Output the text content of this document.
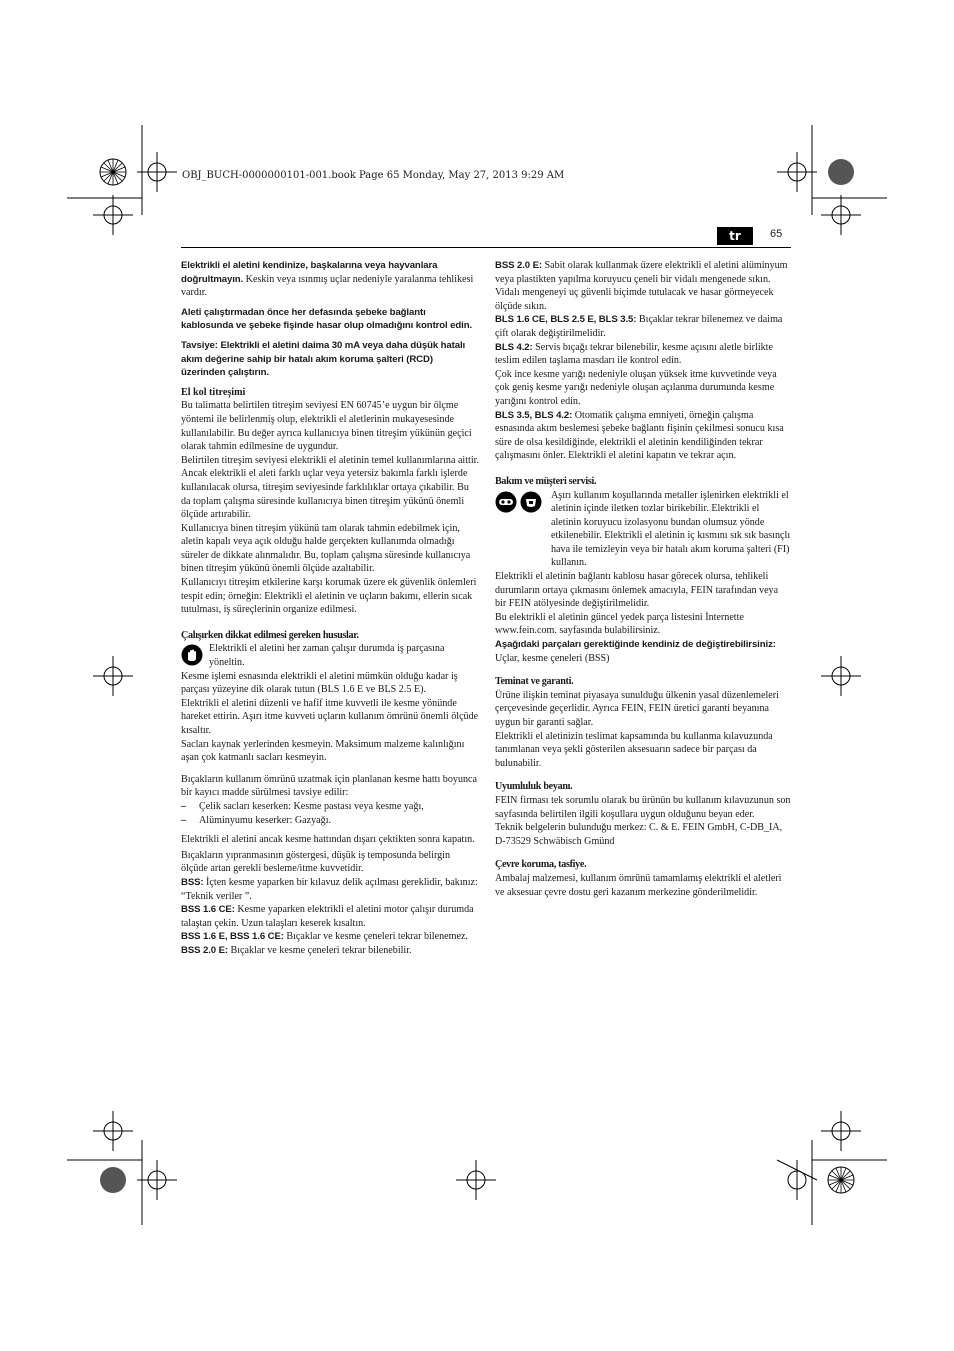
OBJ_BUCH-0000000101-001.book Page 65 Monday, May 27, 2013 9:29 AM
tr	65

Elektrikli el aletini kendinize, başkalarına veya hayvanlara doğrultmayın. Keskin veya ısınmış uçlar nedeniyle yaralanma tehlikesi vardır.

Aleti çalıştırmadan önce her defasında şebeke bağlantı kablosunda ve şebeke fişinde hasar olup olmadığını kontrol edin.

Tavsiye: Elektrikli el aletini daima 30 mA veya daha düşük hatalı akım değerine sahip bir hatalı akım koruma şalteri (RCD) üzerinden çalıştırın.

El kol titreşimi

Bu talimatta belirtilen titreşim seviyesi EN 60745’e uygun bir ölçme yöntemi ile belirlenmiş olup, elektrikli el aletlerinin mukayesesinde kullanılabilir. Bu değer ayrıca kullanıcıya binen titreşim yükünün geçici olarak tahmin edilmesine de uygundur.

Belirtilen titreşim seviyesi elektrikli el aletinin temel kullanımlarına aittir. Ancak elektrikli el aleti farklı uçlar veya yetersiz bakımla farklı işlerde kullanılacak olursa, titreşim seviyesinde farklılıklar ortaya çıkabilir. Bu da toplam çalışma süresinde kullanıcıya binen titreşim yükünü önemli ölçüde artırabilir.

Kullanıcıya binen titreşim yükünü tam olarak tahmin edebilmek için, aletin kapalı veya açık olduğu halde gerçekten kullanımda olmadığı süreler de dikkate alınmalıdır. Bu, toplam çalışma süresinde kullanıcıya binen titreşim yükünü önemli ölçüde azaltabilir.

Kullanıcıyı titreşim etkilerine karşı korumak üzere ek güvenlik önlemleri tespit edin; örneğin: Elektrikli el aletinin ve uçların bakımı, ellerin sıcak tutulması, iş süreçlerinin organize edilmesi.

Çalışırken dikkat edilmesi gereken hususlar.

Elektrikli el aletini her zaman çalışır durumda iş parçasına yöneltin.

Kesme işlemi esnasında elektrikli el aletini mümkün olduğu kadar iş parçası yüzeyine dik olarak tutun (BLS 1.6 E ve BLS 2.5 E).

Elektrikli el aletini düzenli ve hafif itme kuvvetli ile kesme yönünde hareket ettirin. Aşırı itme kuvveti uçların kullanım ömrünü önemli ölçüde kısaltır.

Sacları kaynak yerlerinden kesmeyin. Maksimum malzeme kalınlığını aşan çok katmanlı sacları kesmeyin.

Bıçakların kullanım ömrünü uzatmak için planlanan kesme hattı boyunca bir kayıcı madde sürülmesi tavsiye edilir:

–	Çelik sacları keserken: Kesme pastası veya kesme yağı,

–	Alüminyumu keserker: Gazyağı.

Elektrikli el aletini ancak kesme hattından dışarı çektikten sonra kapatın.

Bıçakların yıpranmasının göstergesi, düşük iş temposunda belirgin ölçüde artan gerekli besleme/itme kuvvetidir.

BSS: İçten kesme yaparken bir kılavuz delik açılması gereklidir, bakınız: “Teknik veriler ”.

BSS 1.6 CE: Kesme yaparken elektrikli el aletini motor çalışır durumda talaştan çekin. Uzun talaşları keserek kısaltın.

BSS 1.6 E, BSS 1.6 CE: Bıçaklar ve kesme çeneleri tekrar bilenemez.

BSS 2.0 E: Bıçaklar ve kesme çeneleri tekrar bilenebilir.

BSS 2.0 E: Sabit olarak kullanmak üzere elektrikli el aletini alüminyum veya plastikten yapılma koruyucu çeneli bir vidalı mengenede sıkın. Vidalı mengeneyi uç güvenli biçimde tutulacak ve hasar görmeyecek ölçüde sıkın.

BLS 1.6 CE, BLS 2.5 E, BLS 3.5: Bıçaklar tekrar bilenemez ve daima çift olarak değiştirilmelidir.

BLS 4.2: Servis bıçağı tekrar bilenebilir, kesme açısını aletle birlikte teslim edilen taşlama masdarı ile kontrol edin.

Çok ince kesme yarığı nedeniyle oluşan yüksek itme kuvvetinde veya çok geniş kesme yarığı nedeniyle oluşan açılanma durumunda kesme yarığını kontrol edin.

BLS 3.5, BLS 4.2: Otomatik çalışma emniyeti, örneğin çalışma esnasında akım beslemesi şebeke bağlantı fişinin çekilmesi sonucu kısa süre de olsa kesildiğinde, elektrikli el aletinin kendiliğinden tekrar çalışmasını önler. Elektrikli el aletini kapatın ve tekrar açın.

Bakım ve müşteri servisi.

Aşırı kullanım koşullarında metaller işlenirken elektrikli el aletinin içinde iletken tozlar birikebilir. Elektrikli el aletinin koruyucu izolasyonu bundan olumsuz yönde etkilenebilir. Elektrikli el aletinin iç kısmını sık sık basınçlı hava ile temizleyin veya bir hatalı akım koruma şalteri (FI) kullanın.

Elektrikli el aletinin bağlantı kablosu hasar görecek olursa, tehlikeli durumların ortaya çıkmasını önlemek amacıyla, FEIN tarafından veya bir FEIN atölyesinde değiştirilmelidir.

Bu elektrikli el aletinin güncel yedek parça listesini İnternette www.fein.com. sayfasında bulabilirsiniz.

Aşağıdaki parçaları gerektiğinde kendiniz de değiştirebilirsiniz: Uçlar, kesme çeneleri (BSS)

Teminat ve garanti.

Ürüne ilişkin teminat piyasaya sunulduğu ülkenin yasal düzenlemeleri çerçevesinde geçerlidir. Ayrıca FEIN, FEIN üretici garanti beyanına uygun bir garanti sağlar.

Elektrikli el aletinizin teslimat kapsamında bu kullanma kılavuzunda tanımlanan veya şekli gösterilen aksesuarın sadece bir parçası da bulunabilir.

Uyumluluk beyanı.

FEIN firması tek sorumlu olarak bu ürünün bu kullanım kılavuzunun son sayfasında belirtilen ilgili koşullara uygun olduğunu beyan eder.

Teknik belgelerin bulunduğu merkez: C. & E. FEIN GmbH, C-DB_IA, D-73529 Schwäbisch Gmünd

Çevre koruma, tasfiye.

Ambalaj malzemesi, kullanım ömrünü tamamlamış elektrikli el aletleri ve aksesuar çevre dostu geri kazanım merkezine gönderilmelidir.
